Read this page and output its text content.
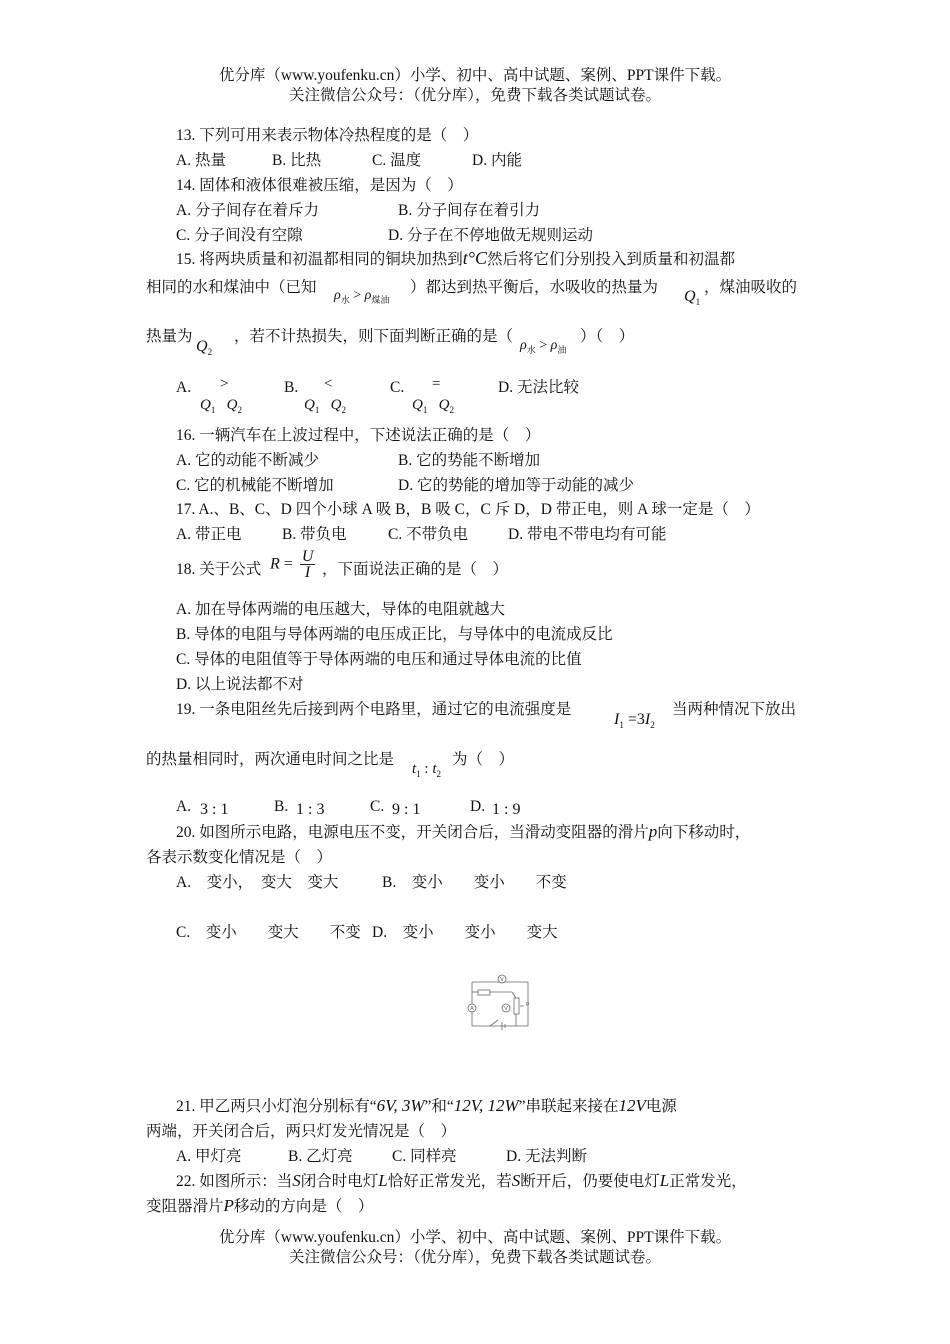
优分库（www.youfenku.cn）小学、初中、高中试题、案例、PPT课件下载。
关注微信公众号：（优分库），免费下载各类试题试卷。
13. 下列可用来表示物体冷热程度的是（　）
A. 热量	B. 比热	C. 温度	D. 内能
14. 固体和液体很难被压缩，是因为（　）
A. 分子间存在着斥力	B. 分子间存在着引力
C. 分子间没有空隙	D. 分子在不停地做无规则运动
15. 将两块质量和初温都相同的铜块加热到t°C然后将它们分别投入到质量和初温都
相同的水和煤油中（已知 $\rho_水 > \rho_{煤油}$
）都达到热平衡后，水吸收的热量为
$Q_1$
，煤油吸收的
热量为
$Q_2$
，若不计热损失，则下面判断正确的是（
$\rho_水 > \rho_油$
）（　）
A.	>
$Q_1$ $Q_2$
B.	<
$Q_1$ $Q_2$
C.	=
$Q_1$ $Q_2$
D. 无法比较
16. 一辆汽车在上波过程中，下述说法正确的是（　）
A. 它的动能不断减少	B. 它的势能不断增加
C. 它的机械能不断增加	D. 它的势能的增加等于动能的减少
17. A.、B、C、D 四个小球 A 吸 B，B 吸 C，C 斥 D，D 带正电，则 A 球一定是（　）
A. 带正电	B. 带负电	C. 不带负电	D. 带电不带电均有可能
18. 关于公式 $R = \frac{U}{I}$ ，下面说法正确的是（　）
A. 加在导体两端的电压越大，导体的电阻就越大
B. 导体的电阻与导体两端的电压成正比，与导体中的电流成反比
C. 导体的电阻值等于导体两端的电压和通过导体电流的比值
D. 以上说法都不对
19. 一条电阻丝先后接到两个电路里，通过它的电流强度是
$I_1 =3I_2$
当两种情况下放出
的热量相同时，两次通电时间之比是
$t_1$ : $t_2$
为（　）
A. 3 : 1	B. 1 : 3	C. 9 : 1	D. 1 : 9
20. 如图所示电路，电源电压不变，开关闭合后，当滑动变阻器的滑片p向下移动时，
各表示数变化情况是（　）
A.　变小，　变大　变大	B.　变小　　变小　　不变
C.　变小　　变大　　不变 D.　变小　　变小　　变大
V
A	V
p
21. 甲乙两只小灯泡分别标有“6V, 3W”和“12V, 12W”串联起来接在12V电源
两端，开关闭合后，两只灯发光情况是（　）
A. 甲灯亮	B. 乙灯亮	C. 同样亮	D. 无法判断
22. 如图所示：当S闭合时电灯L恰好正常发光，若S断开后，仍要使电灯L正常发光，
变阻器滑片P移动的方向是（　）
优分库（www.youfenku.cn）小学、初中、高中试题、案例、PPT课件下载。
关注微信公众号：（优分库），免费下载各类试题试卷。
